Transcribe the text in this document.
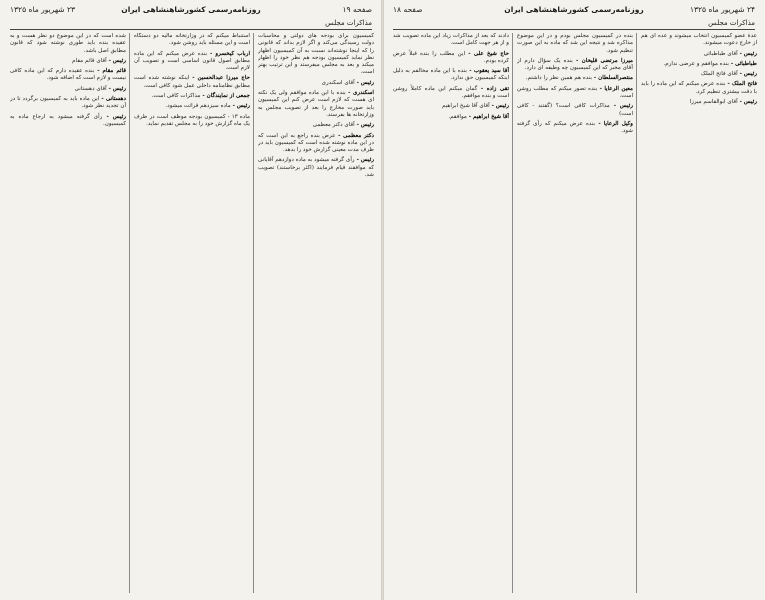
صفحه ۱۹
روزنامه‌رسمی کشورشاهنشاهی ایران
۲۳ شهریور ماه ۱۳۲۵
مذاکرات مجلس

کمیسیون برای بودجه های دولتی و محاسبات دولت رسیدگی می‌کند و اگر لازم بداند که قانونی را که اینجا نوشته‌اند نسبت به آن کمیسیون اظهار نظر نماید کمیسیون بودجه هم نظر خود را اظهار میکند و بعد به مجلس میفرستد و این ترتیب بهتر است.

رئیس - آقای اسکندری

اسکندری - بنده با این ماده موافقم ولی یک نکته ای هست که لازم است عرض کنم این کمیسیون باید صورت مخارج را بعد از تصویب مجلس به وزارتخانه ها بفرستد.

رئیس - آقای دکتر معظمی

دکتر معظمی - عرض بنده راجع به این است که در این ماده نوشته شده است که کمیسیون باید در ظرف مدت معینی گزارش خود را بدهد.

رئیس - رأی گرفته میشود به ماده دوازدهم آقایانی که موافقند قیام فرمایند (اکثر برخاستند) تصویب شد.

استنباط میکنم که در وزارتخانه مالیه دو دستگاه است و این مسئله باید روشن شود.

ارباب کیخسرو - بنده عرض میکنم که این ماده مطابق اصول قانون اساسی است و تصویب آن لازم است.

حاج میرزا عبدالحسین - اینکه نوشته شده است مطابق نظامنامه داخلی عمل شود کافی است.

جمعی از نمایندگان - مذاکرات کافی است.

رئیس - ماده سیزدهم قرائت میشود.

ماده ۱۳ - کمیسیون بودجه موظف است در ظرف یک ماه گزارش خود را به مجلس تقدیم نماید.

شده است که در این موضوع دو نظر هست و به عقیده بنده باید طوری نوشته شود که قانون مطابق اصل باشد.

رئیس - آقای قائم مقام

قائم مقام - بنده عقیده دارم که این ماده کافی نیست و لازم است که اضافه شود.

رئیس - آقای دهستانی

دهستانی - این ماده باید به کمیسیون برگردد تا در آن تجدید نظر شود.

رئیس - رأی گرفته میشود به ارجاع ماده به کمیسیون.

۲۴ شهریور ماه ۱۳۲۵
روزنامه‌رسمی کشورشاهنشاهی ایران
صفحه ۱۸
مذاکرات مجلس

عدهٔ عضو کمیسیون انتخاب میشوند و عده ای هم از خارج دعوت میشوند.

رئیس - آقای طباطبائی

طباطبائی - بنده موافقم و عرضی ندارم.

رئیس - آقای فاتح الملک

فاتح الملک - بنده عرض میکنم که این ماده را باید با دقت بیشتری تنظیم کرد.

رئیس - آقای ابوالقاسم میرزا

بنده در کمیسیون مجلس بودم و در این موضوع مذاکره شد و نتیجه این شد که ماده به این صورت تنظیم شود.

میرزا مرتضی قلیخان - بنده یک سؤال دارم از آقای مخبر که این کمیسیون چه وظیفه ای دارد.

منتصرالسلطان - بنده هم همین نظر را داشتم.

معین الرعایا - بنده تصور میکنم که مطلب روشن است.

رئیس - مذاکرات کافی است؟ (گفتند - کافی است)

وکیل الرعایا - بنده عرض میکنم که رأی گرفته شود.

دادند که بعد از مذاکرات زیاد این ماده تصویب شد و از هر جهت کامل است.

حاج شیخ علی - این مطلب را بنده قبلاً عرض کرده بودم.

آقا سید یعقوب - بنده با این ماده مخالفم به دلیل اینکه کمیسیون حق ندارد.

تقی زاده - گمان میکنم این ماده کاملاً روشن است و بنده موافقم.

رئیس - آقای آقا شیخ ابراهیم

آقا شیخ ابراهیم - موافقم.
